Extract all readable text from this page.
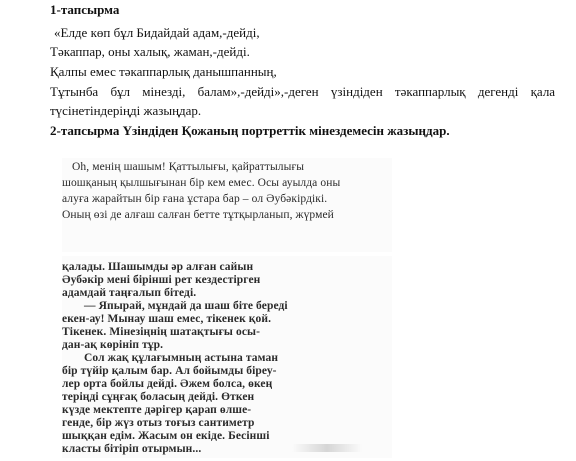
1-тапсырма
«Елде көп бұл Бидайдай адам,-дейді,
Тәкаппар, оны халық, жаман,-дейді.
Қалпы емес тәкаппарлық данышпанның,
Тұтынба бұл мінезді, балам»,-дейді»,-деген үзіндіден тәкаппарлық дегенді қала
түсінетіндеріңді жазыңдар.
2-тапсырма Үзіндіден Қожаның портреттік мінездемесін жазыңдар.
Oh, менің шашым! Қаттылығы, қайраттылығы
шошқаның қылшығынан бір кем емес. Осы ауылда оны
алуға жарайтын бір ғана ұстара бар – ол Әубәкірдікі.
Оның өзі де алғаш салған бетте тұтқырланып, жүрмей
қалады. Шашымды әр алған сайын
Әубәкір мені бірінші рет кездестірген
адамдай таңғалып бітеді.
— Япырай, мұндай да шаш біте береді
екен-ау! Мынау шаш емес, тікенек қой.
Тікенек. Мінезіңнің шатақтығы осы-
дан-ақ көрініп тұр.
Сол жақ құлағымның астына таман
бір түйір қалым бар. Ал бойымды біреу-
лер орта бойлы дейді. Әжем болса, өкең
теріңді сұңғақ боласың дейді. Өткен
күзде мектепте дәрігер қарап өлше-
генде, бір жүз отыз тоғыз сантиметр
шыққан едім. Жасым он екіде. Бесінші
класты бітіріп отырмын...
